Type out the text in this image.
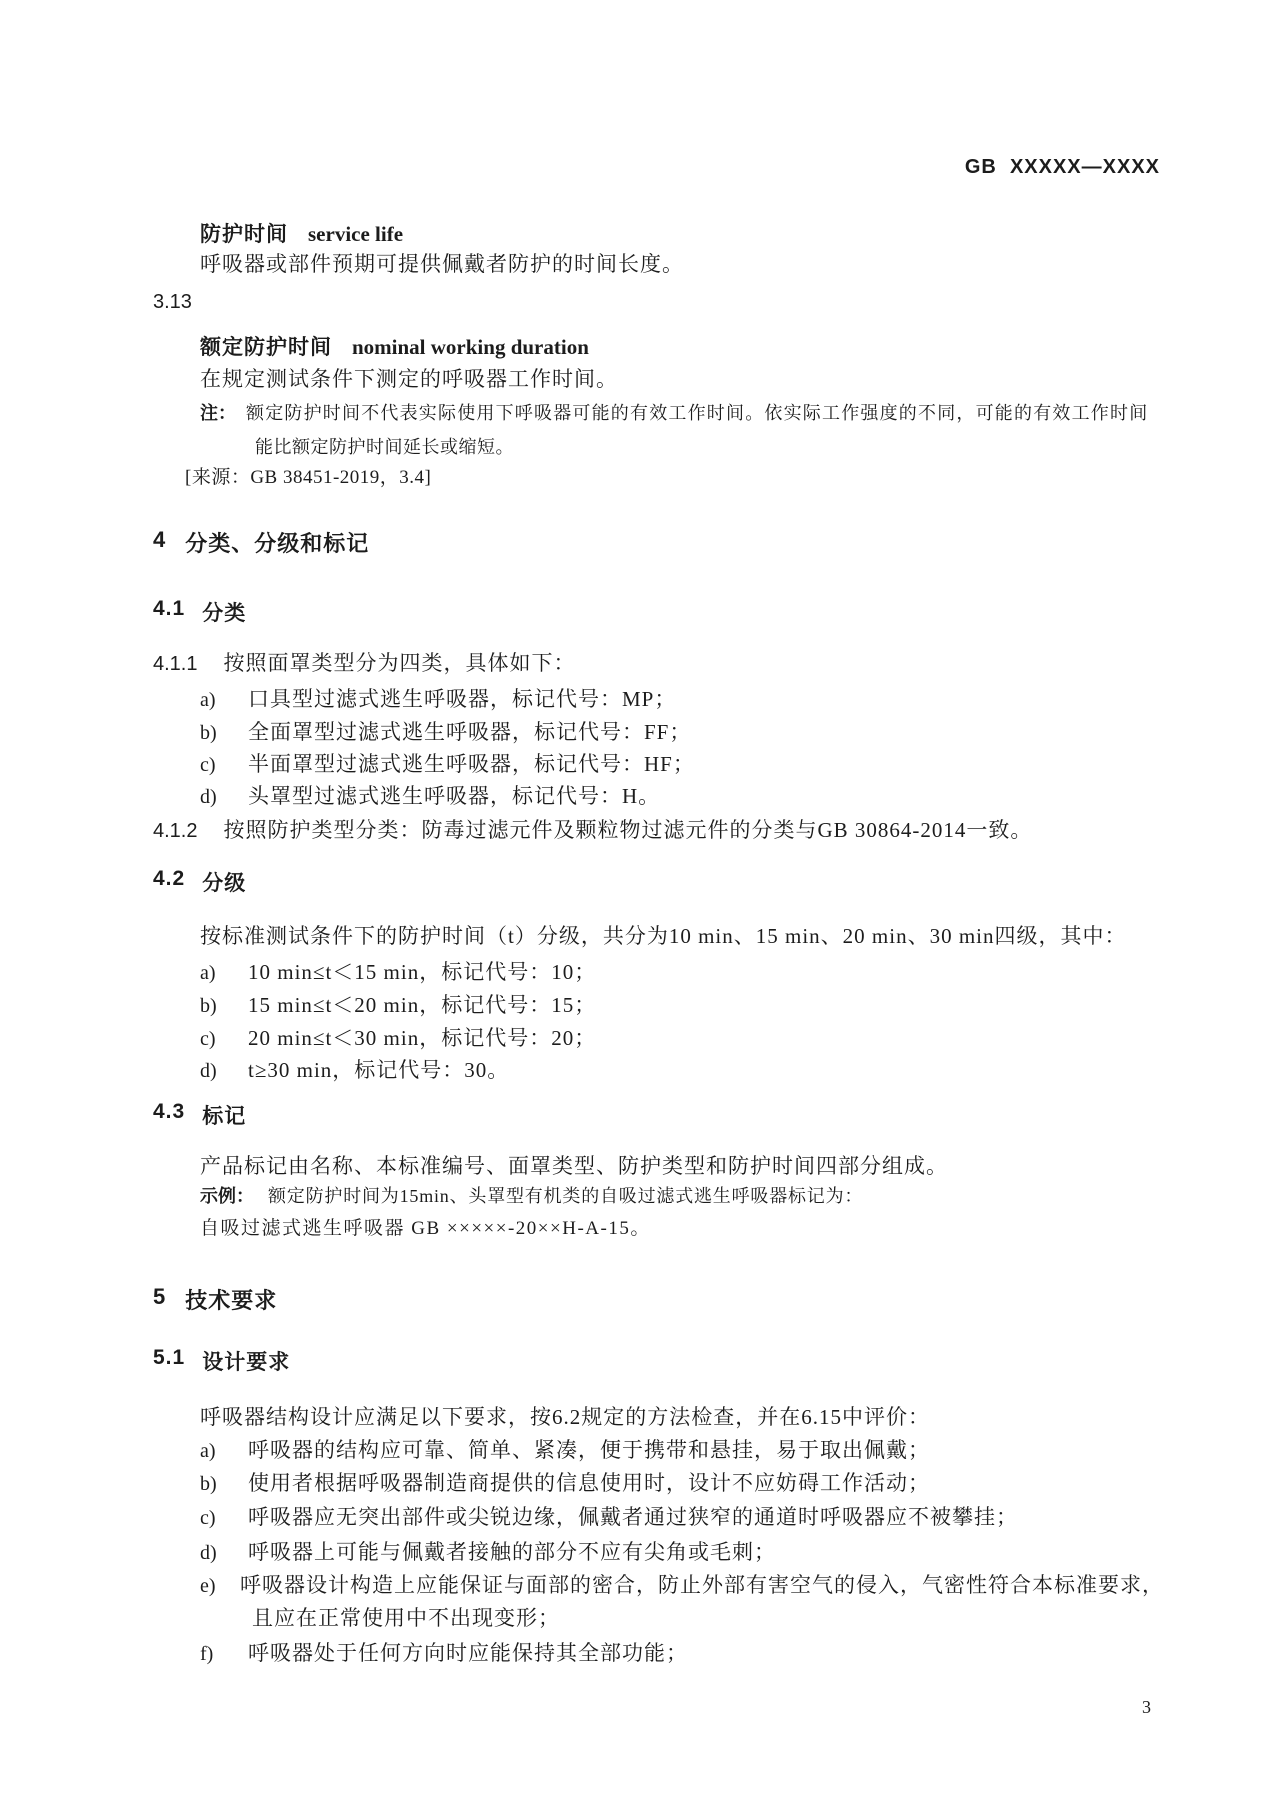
GB  XXXXX—XXXX
防护时间 service life
呼吸器或部件预期可提供佩戴者防护的时间长度。
3.13
额定防护时间 nominal working duration
在规定测试条件下测定的呼吸器工作时间。
注： 额定防护时间不代表实际使用下呼吸器可能的有效工作时间。依实际工作强度的不同，可能的有效工作时间
能比额定防护时间延长或缩短。
[来源：GB 38451-2019，3.4]
4 分类、分级和标记
4.1 分类
4.1.1 按照面罩类型分为四类，具体如下：
a)	口具型过滤式逃生呼吸器，标记代号：MP；
b)	全面罩型过滤式逃生呼吸器，标记代号：FF；
c)	半面罩型过滤式逃生呼吸器，标记代号：HF；
d)	头罩型过滤式逃生呼吸器，标记代号：H。
4.1.2 按照防护类型分类：防毒过滤元件及颗粒物过滤元件的分类与GB 30864-2014一致。
4.2 分级
按标准测试条件下的防护时间（t）分级，共分为10 min、15 min、20 min、30 min四级，其中：
a)	10 min≤t＜15 min，标记代号：10；
b)	15 min≤t＜20 min，标记代号：15；
c)	20 min≤t＜30 min，标记代号：20；
d)	t≥30 min，标记代号：30。
4.3 标记
产品标记由名称、本标准编号、面罩类型、防护类型和防护时间四部分组成。
示例： 额定防护时间为15min、头罩型有机类的自吸过滤式逃生呼吸器标记为：
自吸过滤式逃生呼吸器 GB ×××××-20××H-A-15。
5 技术要求
5.1 设计要求
呼吸器结构设计应满足以下要求，按6.2规定的方法检查，并在6.15中评价：
a)	呼吸器的结构应可靠、简单、紧凑，便于携带和悬挂，易于取出佩戴；
b)	使用者根据呼吸器制造商提供的信息使用时，设计不应妨碍工作活动；
c)	呼吸器应无突出部件或尖锐边缘，佩戴者通过狭窄的通道时呼吸器应不被攀挂；
d)	呼吸器上可能与佩戴者接触的部分不应有尖角或毛刺；
e)	呼吸器设计构造上应能保证与面部的密合，防止外部有害空气的侵入，气密性符合本标准要求，
且应在正常使用中不出现变形；
f)	呼吸器处于任何方向时应能保持其全部功能；
3
